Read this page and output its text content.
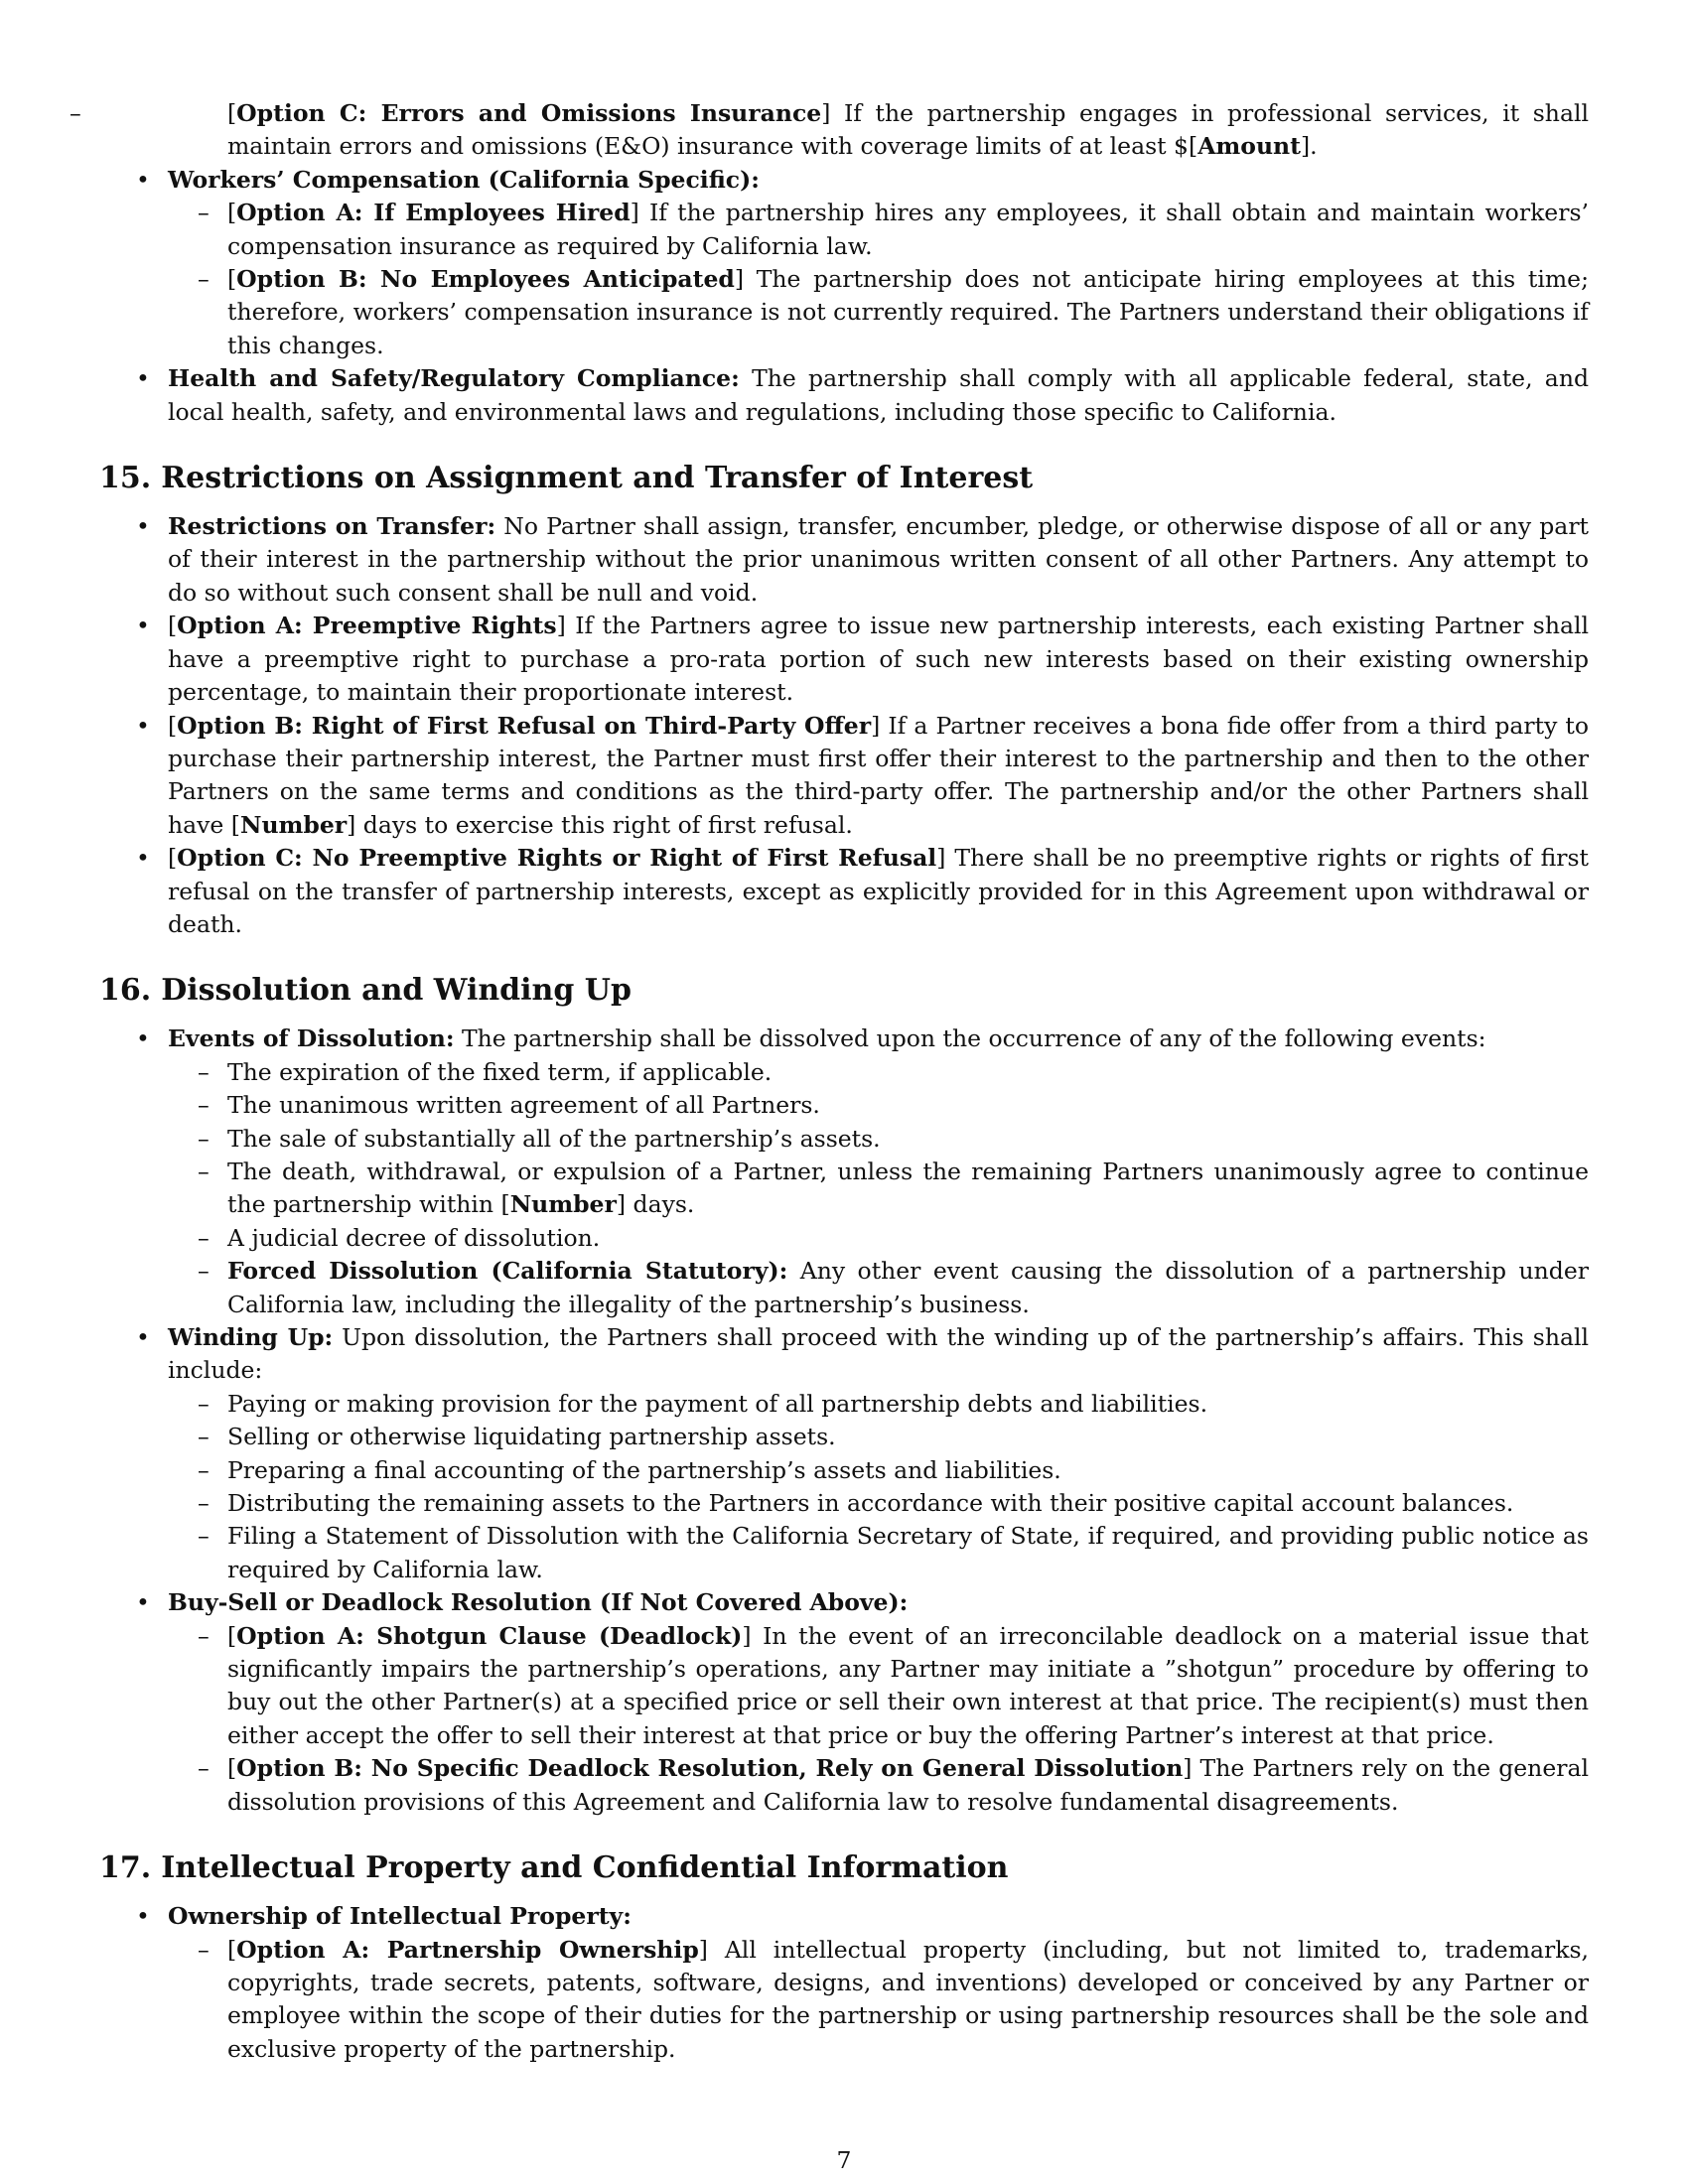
–	[Option C: Errors and Omissions Insurance] If the partnership engages in professional services, it shall maintain errors and omissions (E&O) insurance with coverage limits of at least $[Amount].
• Workers’ Compensation (California Specific):
– [Option A: If Employees Hired] If the partnership hires any employees, it shall obtain and maintain workers’ compensation insurance as required by California law.
– [Option B: No Employees Anticipated] The partnership does not anticipate hiring employees at this time; therefore, workers’ compensation insurance is not currently required. The Partners understand their obligations if this changes.
• Health and Safety/Regulatory Compliance: The partnership shall comply with all applicable federal, state, and local health, safety, and environmental laws and regulations, including those specific to California.
15. Restrictions on Assignment and Transfer of Interest
• Restrictions on Transfer: No Partner shall assign, transfer, encumber, pledge, or otherwise dispose of all or any part of their interest in the partnership without the prior unanimous written consent of all other Partners. Any attempt to do so without such consent shall be null and void.
• [Option A: Preemptive Rights] If the Partners agree to issue new partnership interests, each existing Partner shall have a preemptive right to purchase a pro-rata portion of such new interests based on their existing ownership percentage, to maintain their proportionate interest.
• [Option B: Right of First Refusal on Third-Party Offer] If a Partner receives a bona fide offer from a third party to purchase their partnership interest, the Partner must first offer their interest to the partnership and then to the other Partners on the same terms and conditions as the third-party offer. The partnership and/or the other Partners shall have [Number] days to exercise this right of first refusal.
• [Option C: No Preemptive Rights or Right of First Refusal] There shall be no preemptive rights or rights of first refusal on the transfer of partnership interests, except as explicitly provided for in this Agreement upon withdrawal or death.
16. Dissolution and Winding Up
• Events of Dissolution: The partnership shall be dissolved upon the occurrence of any of the following events:
– The expiration of the fixed term, if applicable.
– The unanimous written agreement of all Partners.
– The sale of substantially all of the partnership’s assets.
– The death, withdrawal, or expulsion of a Partner, unless the remaining Partners unanimously agree to continue the partnership within [Number] days.
– A judicial decree of dissolution.
– Forced Dissolution (California Statutory): Any other event causing the dissolution of a partnership under California law, including the illegality of the partnership’s business.
• Winding Up: Upon dissolution, the Partners shall proceed with the winding up of the partnership’s affairs. This shall include:
– Paying or making provision for the payment of all partnership debts and liabilities.
– Selling or otherwise liquidating partnership assets.
– Preparing a final accounting of the partnership’s assets and liabilities.
– Distributing the remaining assets to the Partners in accordance with their positive capital account balances.
– Filing a Statement of Dissolution with the California Secretary of State, if required, and providing public notice as required by California law.
• Buy-Sell or Deadlock Resolution (If Not Covered Above):
– [Option A: Shotgun Clause (Deadlock)] In the event of an irreconcilable deadlock on a material issue that significantly impairs the partnership’s operations, any Partner may initiate a ”shotgun” procedure by offering to buy out the other Partner(s) at a specified price or sell their own interest at that price. The recipient(s) must then either accept the offer to sell their interest at that price or buy the offering Partner’s interest at that price.
– [Option B: No Specific Deadlock Resolution, Rely on General Dissolution] The Partners rely on the general dissolution provisions of this Agreement and California law to resolve fundamental disagreements.
17. Intellectual Property and Confidential Information
• Ownership of Intellectual Property:
– [Option A: Partnership Ownership] All intellectual property (including, but not limited to, trademarks, copyrights, trade secrets, patents, software, designs, and inventions) developed or conceived by any Partner or employee within the scope of their duties for the partnership or using partnership resources shall be the sole and exclusive property of the partnership.
7
